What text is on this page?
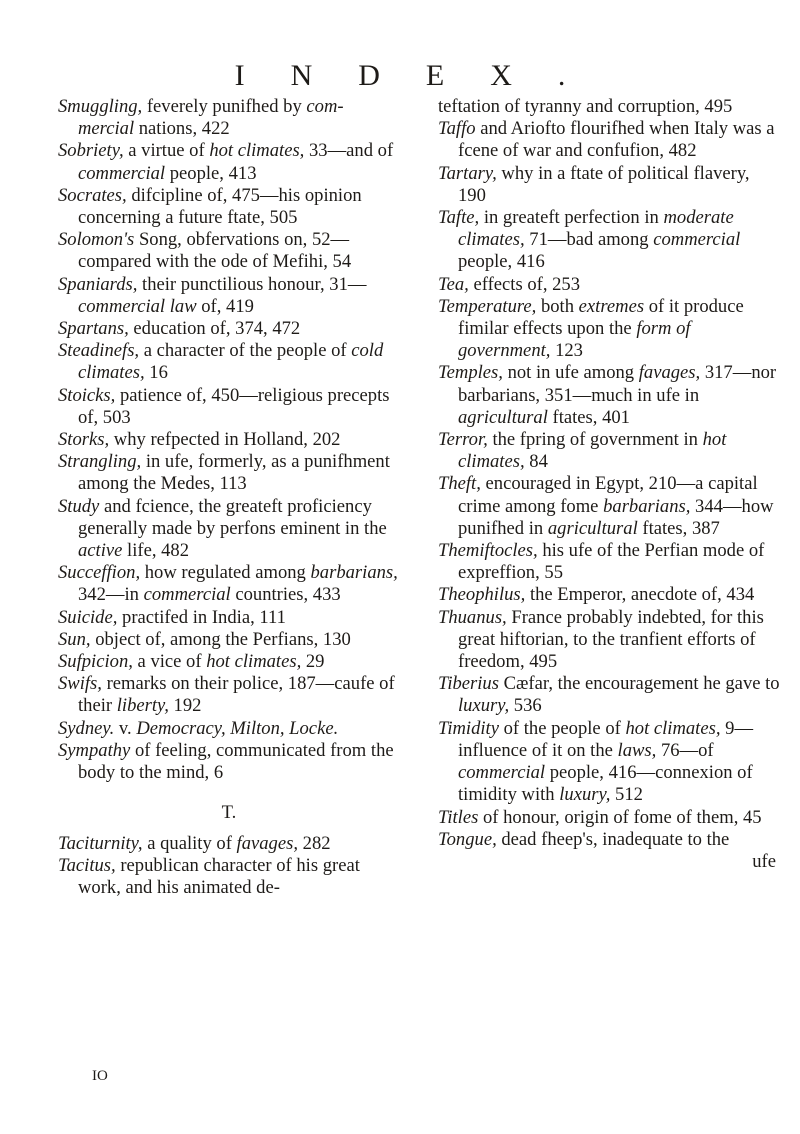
INDEX.

Smuggling, feverely punifhed by com- mercial nations, 422

Sobriety, a virtue of hot climates, 33—and of commercial people, 413

Socrates, difcipline of, 475—his opinion concerning a future ftate, 505

Solomon's Song, obfervations on, 52—compared with the ode of Mefihi, 54

Spaniards, their punctilious honour, 31—commercial law of, 419

Spartans, education of, 374, 472

Steadinefs, a character of the people of cold climates, 16

Stoicks, patience of, 450—religious precepts of, 503

Storks, why refpected in Holland, 202

Strangling, in ufe, formerly, as a punifhment among the Medes, 113

Study and fcience, the greateft proficiency generally made by perfons eminent in the active life, 482

Succeffion, how regulated among barbarians, 342—in commercial countries, 433

Suicide, practifed in India, 111

Sun, object of, among the Perfians, 130

Sufpicion, a vice of hot climates, 29

Swifs, remarks on their police, 187—caufe of their liberty, 192

Sydney. v. Democracy, Milton, Locke.

Sympathy of feeling, communicated from the body to the mind, 6

T.

Taciturnity, a quality of favages, 282

Tacitus, republican character of his great work, and his animated de-

teftation of tyranny and corruption, 495

Taffo and Ariofto flourifhed when Italy was a fcene of war and confufion, 482

Tartary, why in a ftate of political flavery, 190

Tafte, in greateft perfection in moderate climates, 71—bad among commercial people, 416

Tea, effects of, 253

Temperature, both extremes of it produce fimilar effects upon the form of government, 123

Temples, not in ufe among favages, 317—nor barbarians, 351—much in ufe in agricultural ftates, 401

Terror, the fpring of government in hot climates, 84

Theft, encouraged in Egypt, 210—a capital crime among fome barbarians, 344—how punifhed in agricultural ftates, 387

Themiftocles, his ufe of the Perfian mode of expreffion, 55

Theophilus, the Emperor, anecdote of, 434

Thuanus, France probably indebted, for this great hiftorian, to the tranfient efforts of freedom, 495

Tiberius Cæfar, the encouragement he gave to luxury, 536

Timidity of the people of hot climates, 9—influence of it on the laws, 76—of commercial people, 416—connexion of timidity with luxury, 512

Titles of honour, origin of fome of them, 45

Tongue, dead fheep's, inadequate to the

ufe
IO
